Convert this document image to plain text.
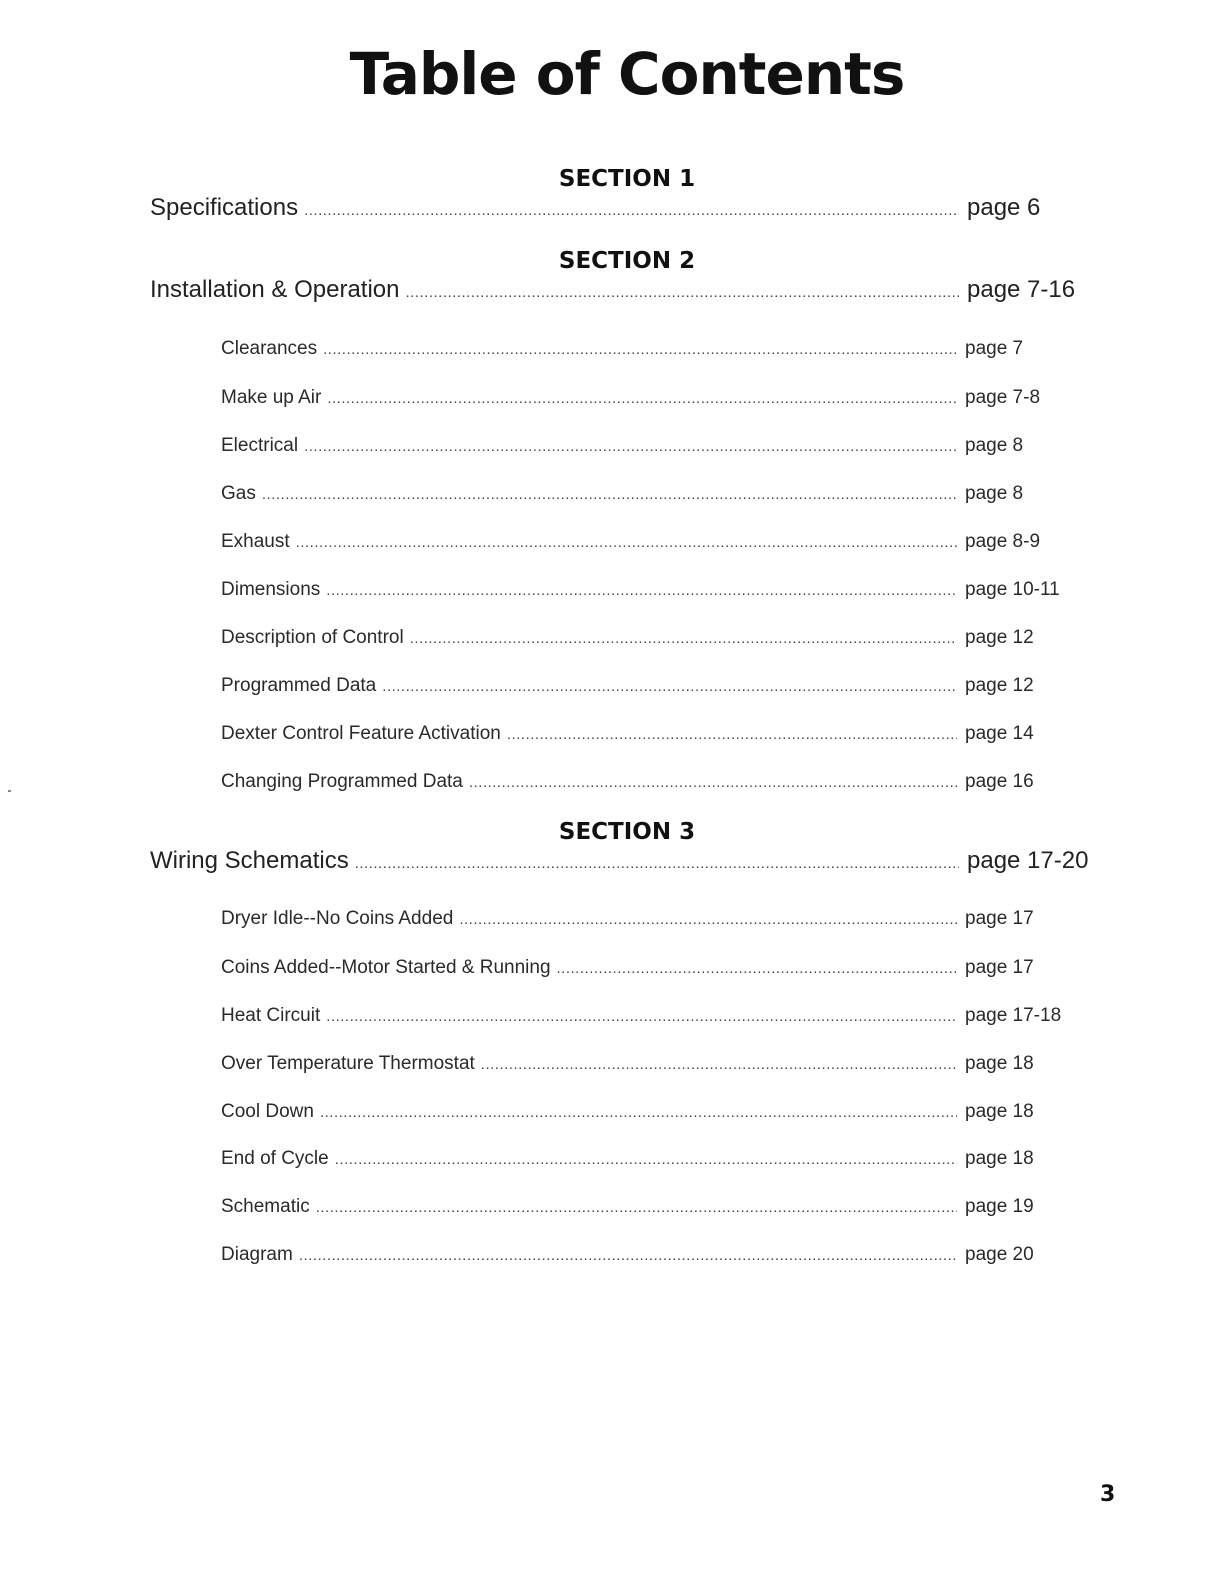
Table of Contents
SECTION 1
Specifications .....	page 6
SECTION 2
Installation & Operation .....	page 7-16
Clearances .....	page 7
Make up Air .....	page 7-8
Electrical .....	page 8
Gas .....	page 8
Exhaust .....	page 8-9
Dimensions .....	page 10-11
Description of Control .....	page 12
Programmed Data .....	page 12
Dexter Control Feature Activation .....	page 14
Changing Programmed Data .....	page 16
SECTION 3
Wiring Schematics .....	page 17-20
Dryer Idle--No Coins Added .....	page 17
Coins Added--Motor Started & Running .....	page 17
Heat Circuit .....	page 17-18
Over Temperature Thermostat .....	page 18
Cool Down .....	page 18
End of Cycle .....	page 18
Schematic .....	page 19
Diagram .....	page 20
3
